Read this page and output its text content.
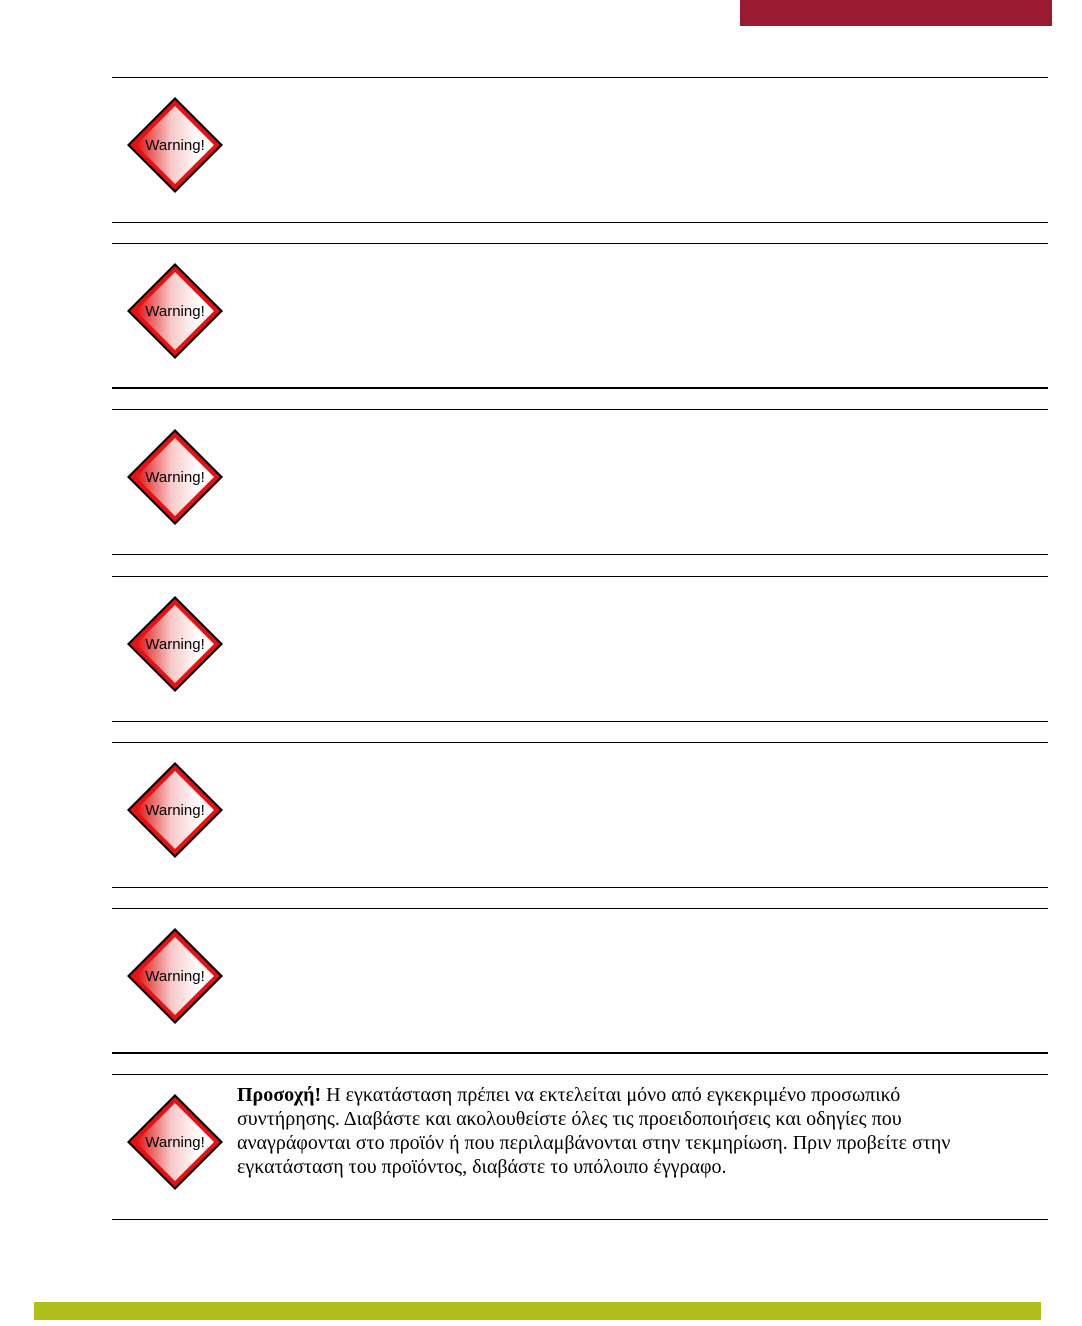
Warning!
Warning!
Warning!
Warning!
Warning!
Warning!
Warning!
Προσοχή! Η εγκατάσταση πρέπει να εκτελείται μόνο από εγκεκριμένο προσωπικό συντήρησης. Διαβάστε και ακολουθείστε όλες τις προειδοποιήσεις και οδηγίες που αναγράφονται στο προϊόν ή που περιλαμβάνονται στην τεκμηρίωση. Πριν προβείτε στην εγκατάσταση του προϊόντος, διαβάστε το υπόλοιπο έγγραφο.
